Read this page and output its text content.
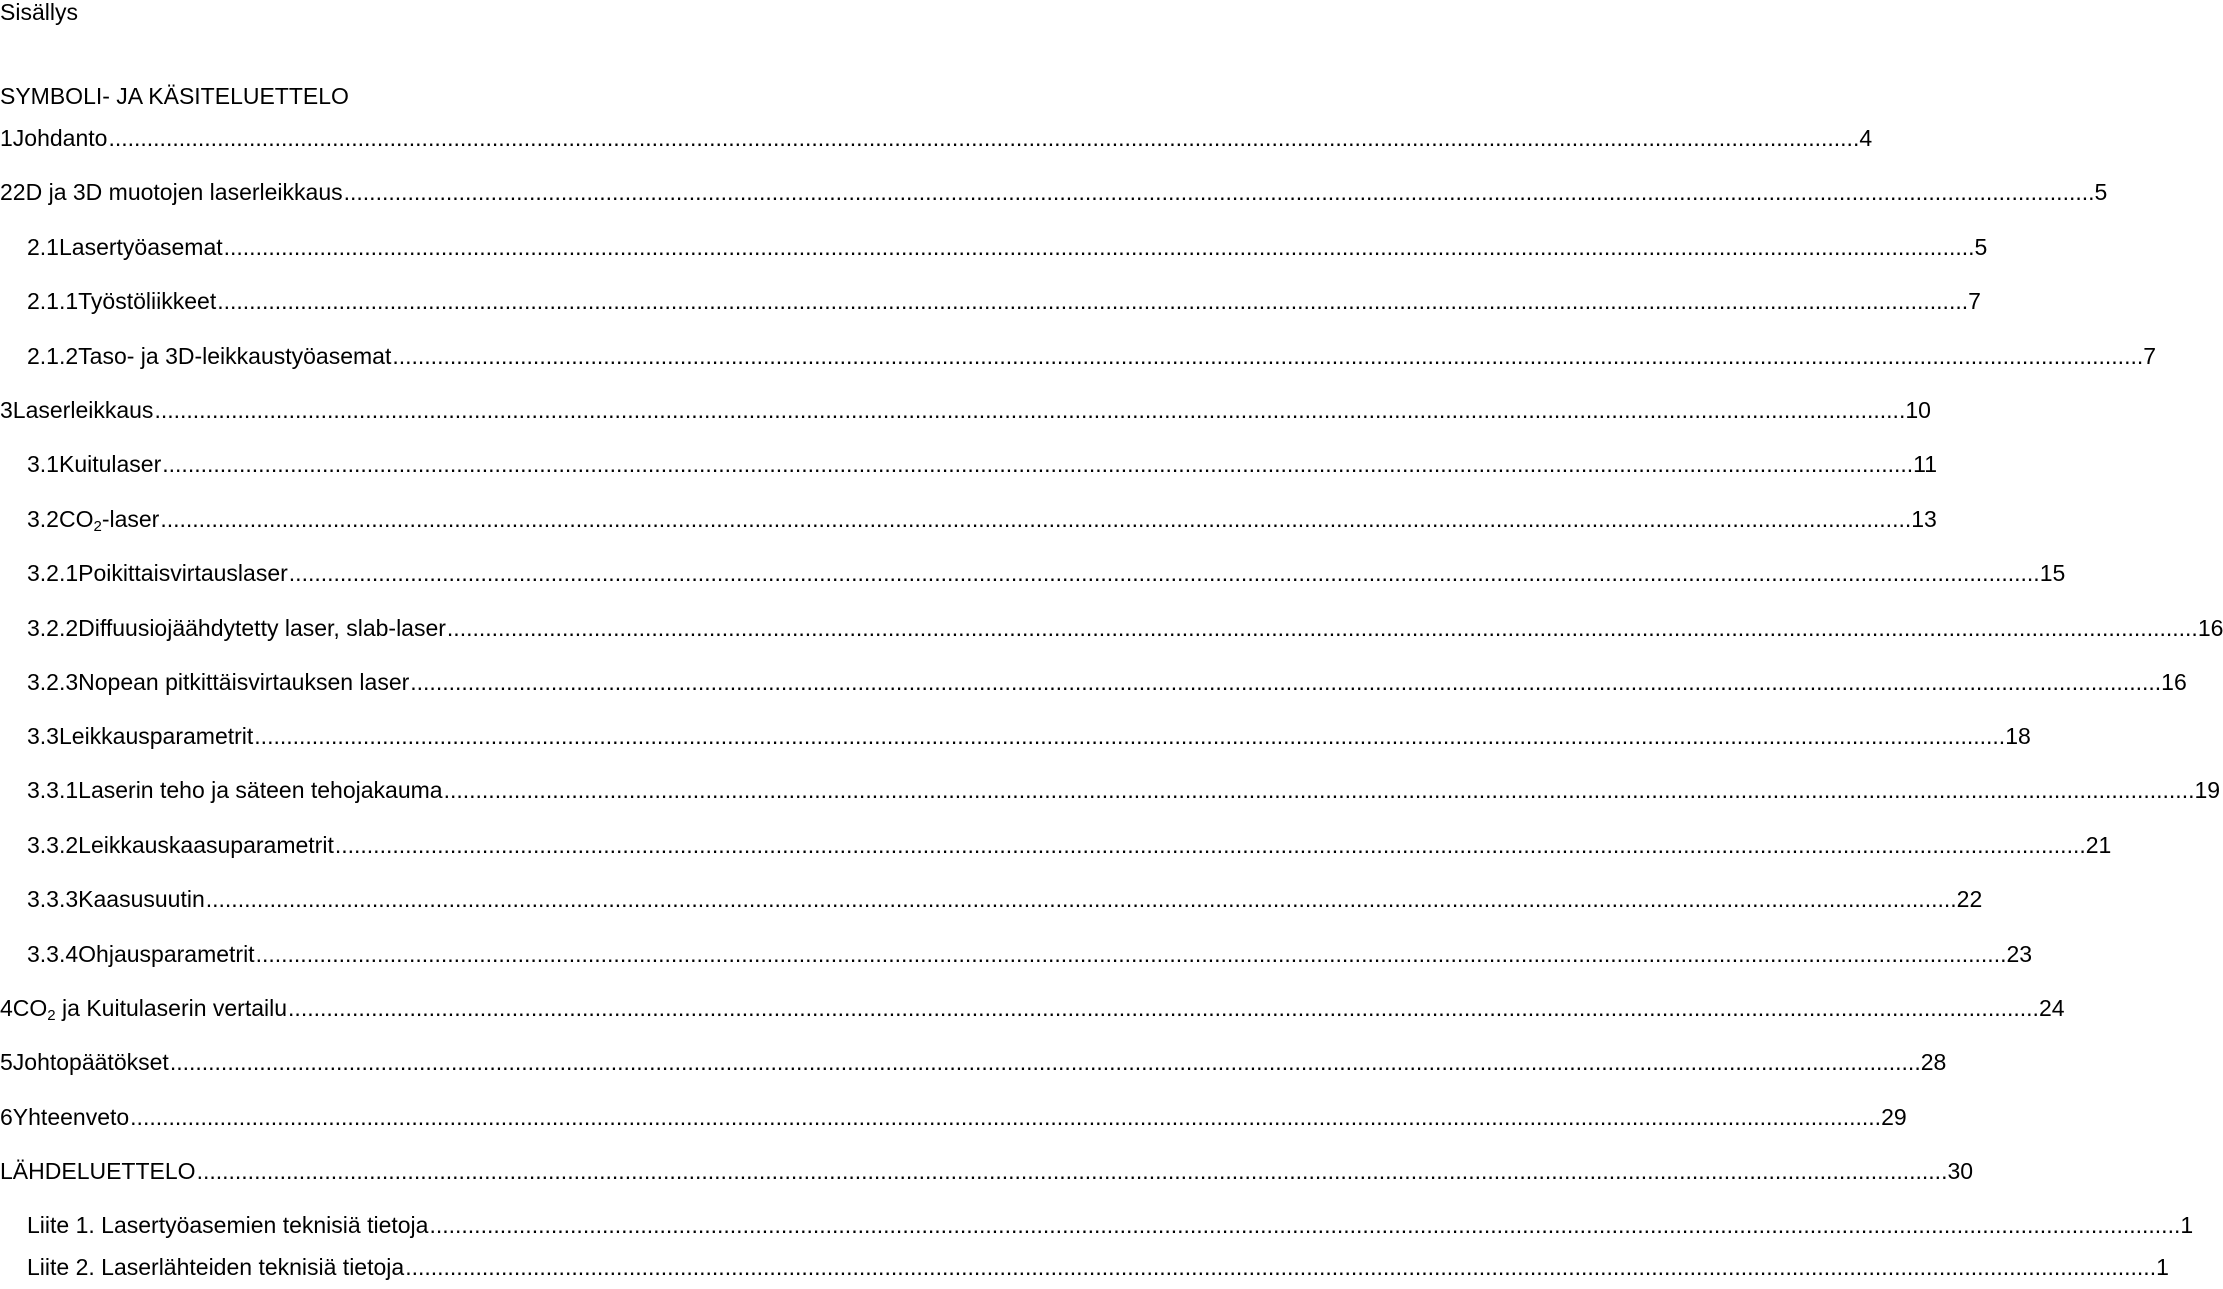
Sisällys
SYMBOLI- JA KÄSITELUETTELO
1 Johdanto .................................................................................................................................................................................................................................................................................. 4
2 2D ja 3D muotojen laserleikkaus .................................................................................................................................................................................................................................................................................. 5
2.1 Lasertyöasemat .................................................................................................................................................................................................................................................................................. 5
2.1.1 Työstöliikkeet .................................................................................................................................................................................................................................................................................. 7
2.1.2 Taso- ja 3D-leikkaustyöasemat .................................................................................................................................................................................................................................................................................. 7
3 Laserleikkaus .................................................................................................................................................................................................................................................................................. 10
3.1 Kuitulaser .................................................................................................................................................................................................................................................................................. 11
3.2 $CO_2$-laser .................................................................................................................................................................................................................................................................................. 13
3.2.1 Poikittaisvirtauslaser .................................................................................................................................................................................................................................................................................. 15
3.2.2 Diffuusiojäähdytetty laser, slab-laser .................................................................................................................................................................................................................................................................................. 16
3.2.3 Nopean pitkittäisvirtauksen laser .................................................................................................................................................................................................................................................................................. 16
3.3 Leikkausparametrit .................................................................................................................................................................................................................................................................................. 18
3.3.1 Laserin teho ja säteen tehojakauma .................................................................................................................................................................................................................................................................................. 19
3.3.2 Leikkauskaasuparametrit .................................................................................................................................................................................................................................................................................. 21
3.3.3 Kaasusuutin .................................................................................................................................................................................................................................................................................. 22
3.3.4 Ohjausparametrit .................................................................................................................................................................................................................................................................................. 23
4 $CO_2$ ja Kuitulaserin vertailu .................................................................................................................................................................................................................................................................................. 24
5 Johtopäätökset .................................................................................................................................................................................................................................................................................. 28
6 Yhteenveto .................................................................................................................................................................................................................................................................................. 29
LÄHDELUETTELO .................................................................................................................................................................................................................................................................................. 30
Liite 1. Lasertyöasemien teknisiä tietoja .................................................................................................................................................................................................................................................................................. 1
Liite 2. Laserlähteiden teknisiä tietoja .................................................................................................................................................................................................................................................................................. 1
